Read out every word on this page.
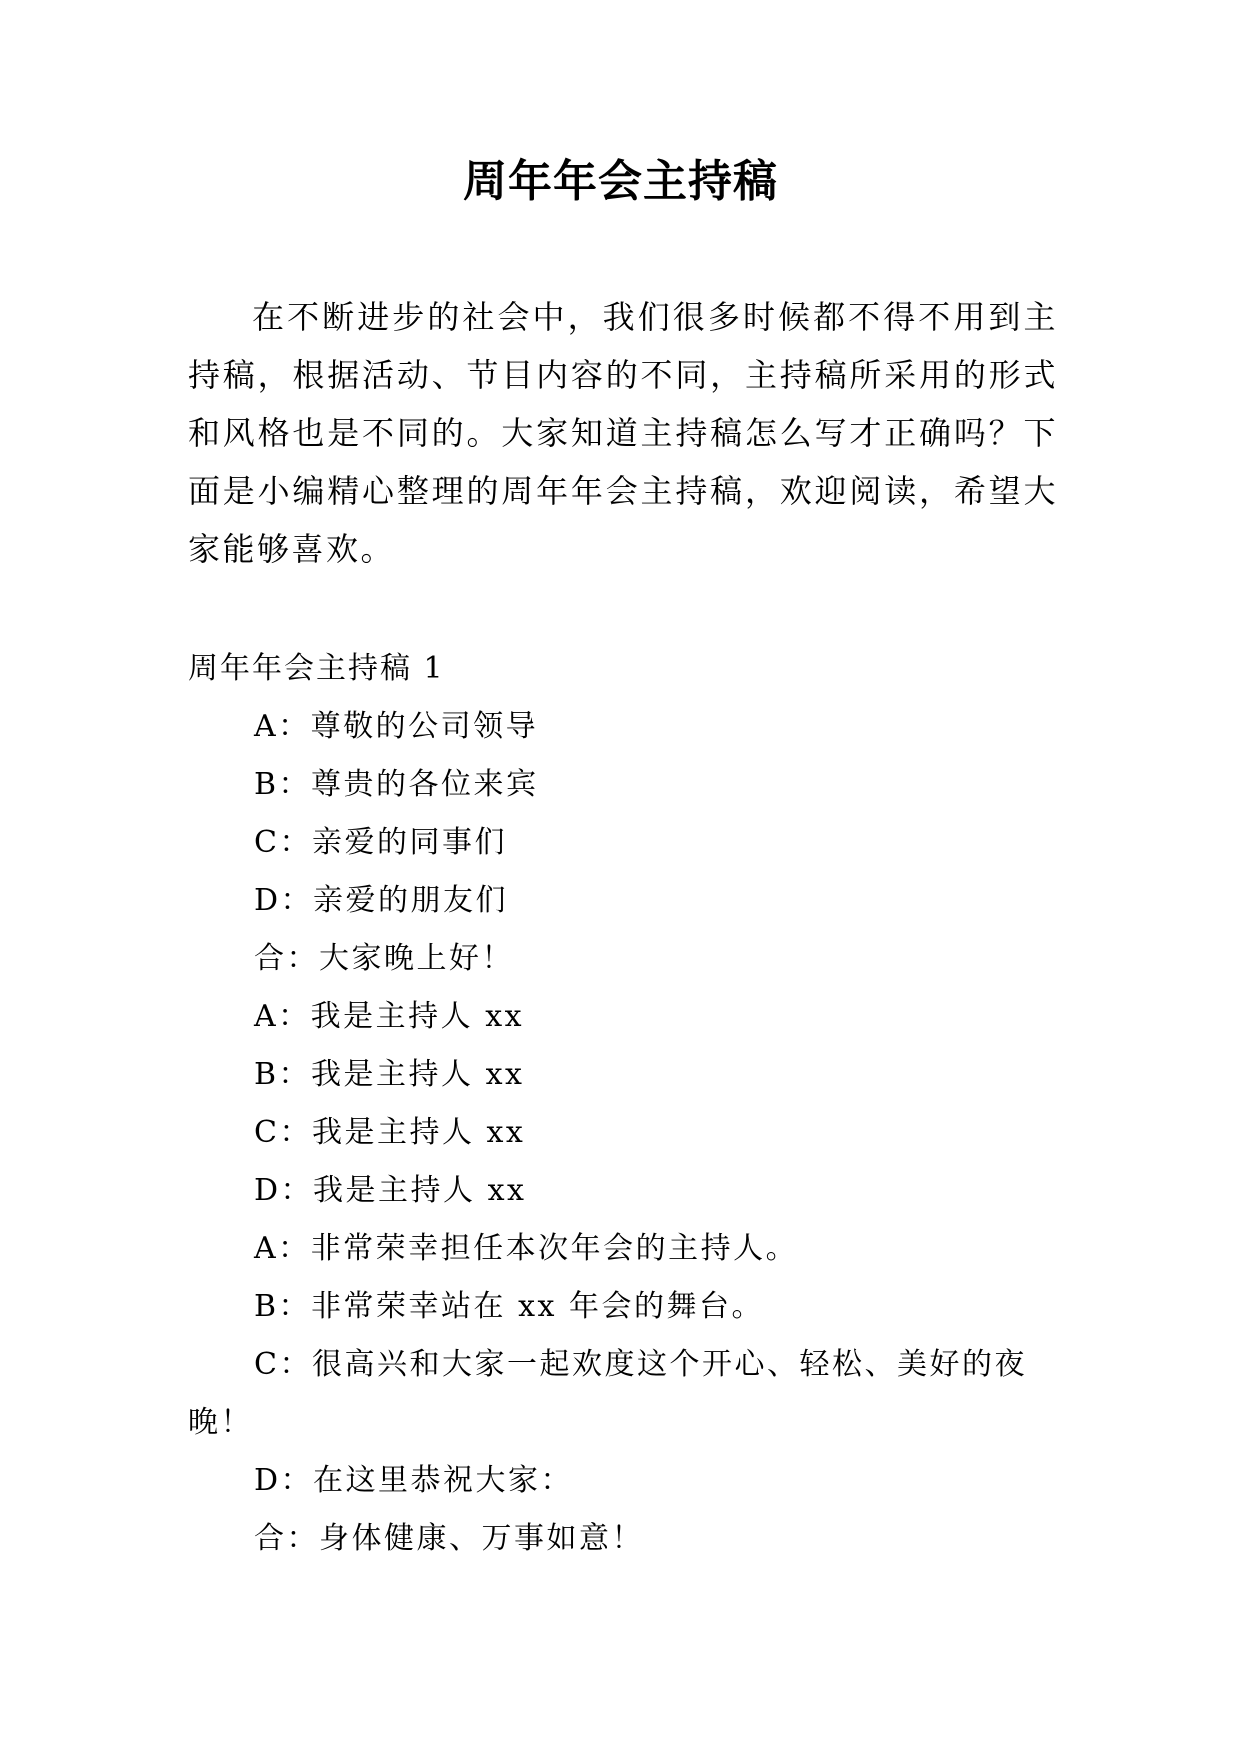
周年年会主持稿

在不断进步的社会中，我们很多时候都不得不用到主持稿，根据活动、节目内容的不同，主持稿所采用的形式和风格也是不同的。大家知道主持稿怎么写才正确吗？下面是小编精心整理的周年年会主持稿，欢迎阅读，希望大家能够喜欢。

周年年会主持稿 1

A：尊敬的公司领导
B：尊贵的各位来宾
C：亲爱的同事们
D：亲爱的朋友们
合：大家晚上好！
A：我是主持人 xx
B：我是主持人 xx
C：我是主持人 xx
D：我是主持人 xx
A：非常荣幸担任本次年会的主持人。
B：非常荣幸站在 xx 年会的舞台。
C：很高兴和大家一起欢度这个开心、轻松、美好的夜晚！
D：在这里恭祝大家：
合：身体健康、万事如意！
